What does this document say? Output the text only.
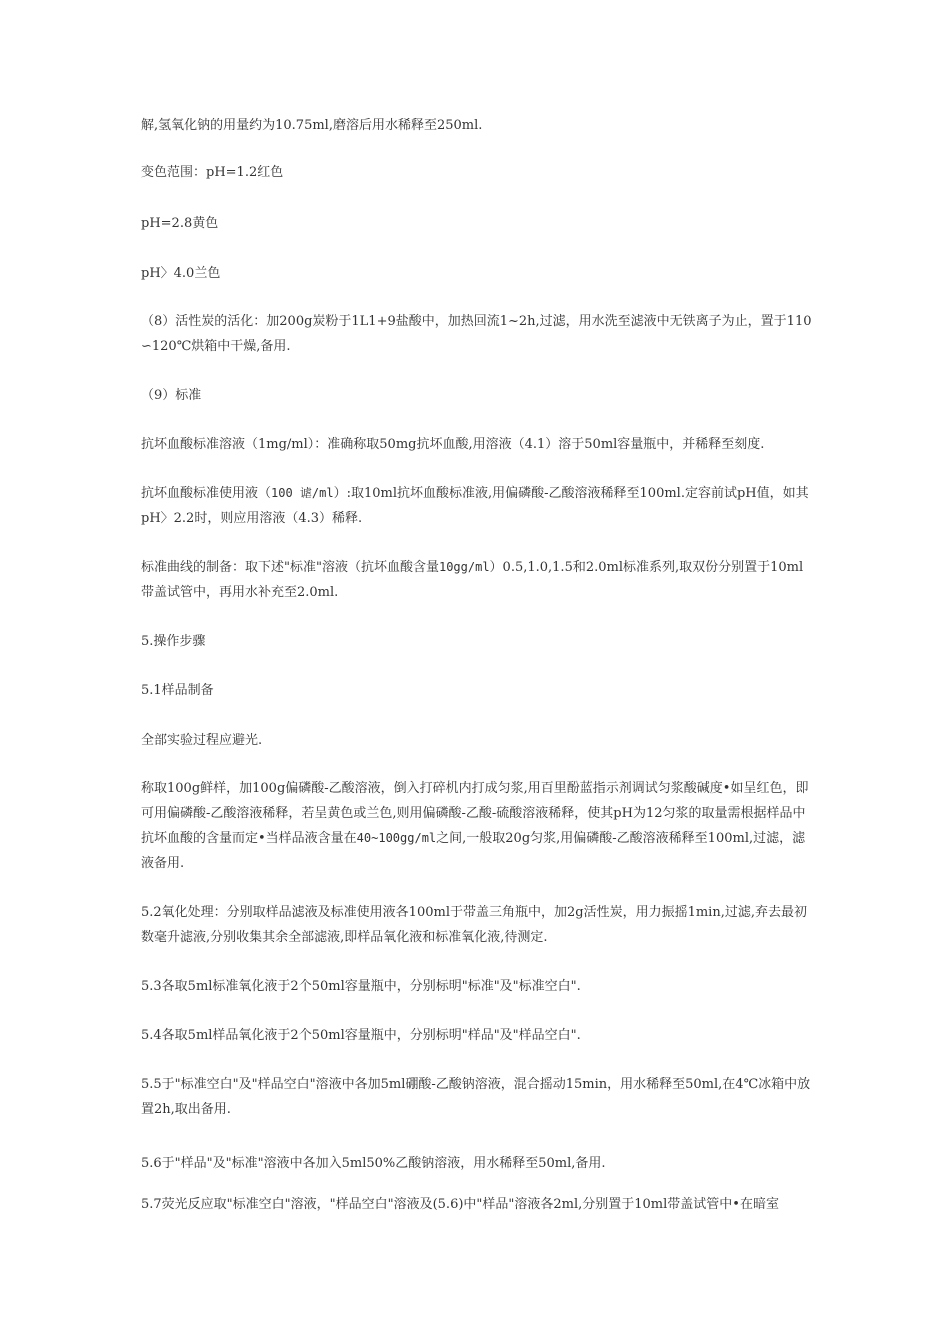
解,氢氧化钠的用量约为10.75ml,磨溶后用水稀释至250ml.

变色范围：pH=1.2红色

pH=2.8黄色

pH〉4.0兰色

（8）活性炭的活化：加200g炭粉于1L1+9盐酸中，加热回流1~2h,过滤，用水洗至滤液中无铁离子为止，置于110∽120℃烘箱中干燥,备用.

（9）标准

抗坏血酸标准溶液（1mg/ml）：准确称取50mg抗坏血酸,用溶液（4.1）溶于50ml容量瓶中，并稀释至刻度.

抗坏血酸标准使用液（100 谑/ml）:取10ml抗坏血酸标准液,用偏磷酸-乙酸溶液稀释至100ml.定容前试pH值，如其pH〉2.2时，则应用溶液（4.3）稀释.

标准曲线的制备：取下述"标准"溶液（抗坏血酸含量10gg/ml）0.5,1.0,1.5和2.0ml标准系列,取双份分别置于10ml带盖试管中，再用水补充至2.0ml.

5.操作步骤

5.1样品制备

全部实验过程应避光.

称取100g鲜样，加100g偏磷酸-乙酸溶液，倒入打碎机内打成匀浆,用百里酚蓝指示剂调试匀浆酸碱度•如呈红色，即可用偏磷酸-乙酸溶液稀释，若呈黄色或兰色,则用偏磷酸-乙酸-硫酸溶液稀释，使其pH为12匀浆的取量需根据样品中抗坏血酸的含量而定•当样品液含量在40~100gg/ml之间,一般取20g匀浆,用偏磷酸-乙酸溶液稀释至100ml,过滤，滤液备用.

5.2氧化处理：分别取样品滤液及标准使用液各100ml于带盖三角瓶中，加2g活性炭，用力振摇1min,过滤,弃去最初数毫升滤液,分别收集其余全部滤液,即样品氧化液和标准氧化液,待测定.

5.3各取5ml标准氧化液于2个50ml容量瓶中，分别标明"标准"及"标准空白".

5.4各取5ml样品氧化液于2个50ml容量瓶中，分别标明"样品"及"样品空白".

5.5于"标准空白"及"样品空白"溶液中各加5ml硼酸-乙酸钠溶液，混合摇动15min，用水稀释至50ml,在4℃冰箱中放置2h,取出备用.

5.6于"样品"及"标准"溶液中各加入5ml50%乙酸钠溶液，用水稀释至50ml,备用.

5.7荧光反应取"标准空白"溶液，"样品空白"溶液及(5.6)中"样品"溶液各2ml,分别置于10ml带盖试管中•在暗室
